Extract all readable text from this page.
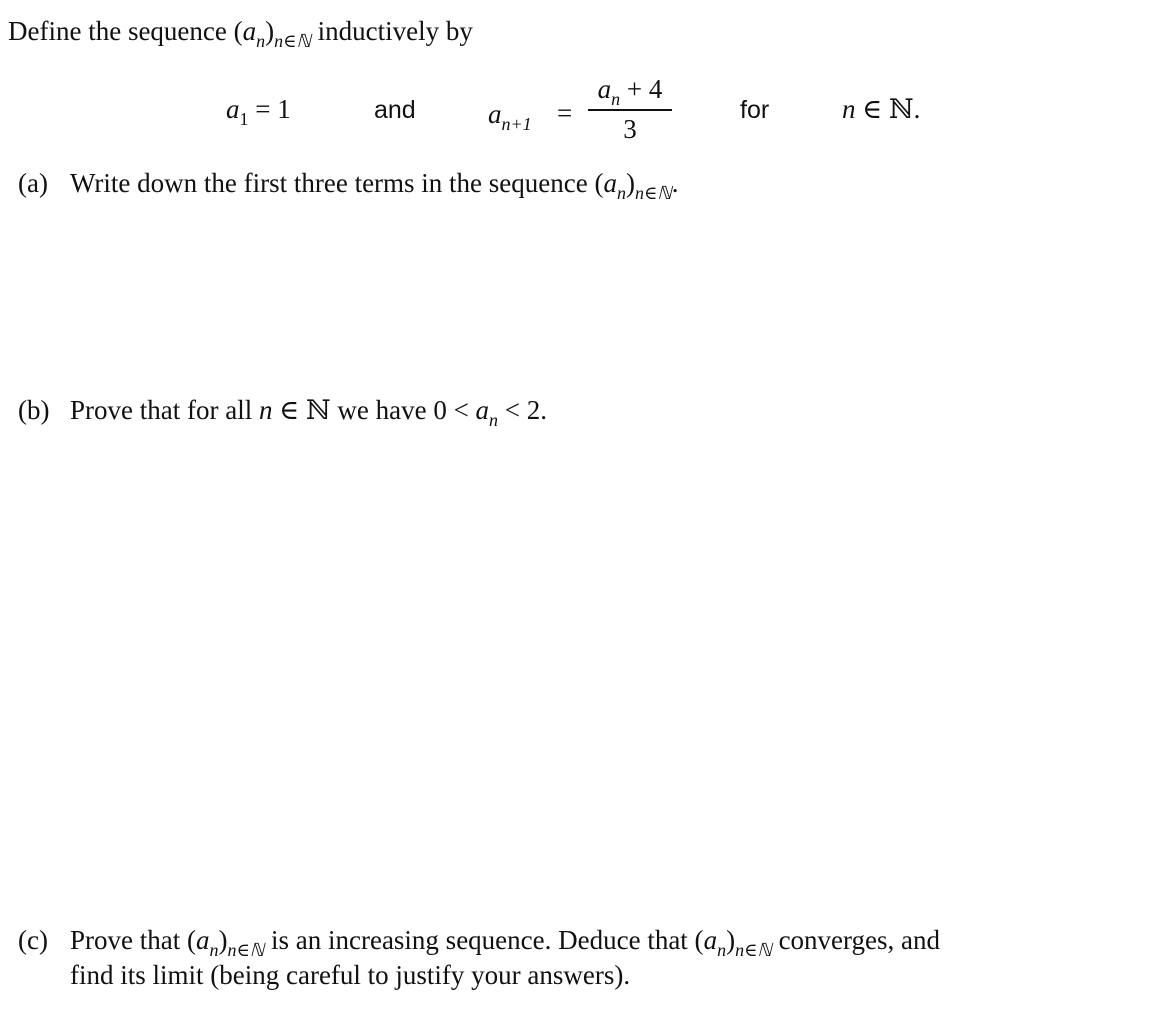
Define the sequence $(a_n)_{n\in ℕ}$ inductively by
$a_1 = 1$	and	$a_{n+1}$ =
$a_n + 4$
3
for	n ∈ ℕ.
(a) Write down the first three terms in the sequence $(a_n)_{n\in ℕ}$.
(b) Prove that for all n ∈ ℕ we have $0 < a_n < 2$.
(c) Prove that $(a_n)_{n\in ℕ}$ is an increasing sequence. Deduce that $(a_n)_{n\in ℕ}$ converges, and
find its limit (being careful to justify your answers).
